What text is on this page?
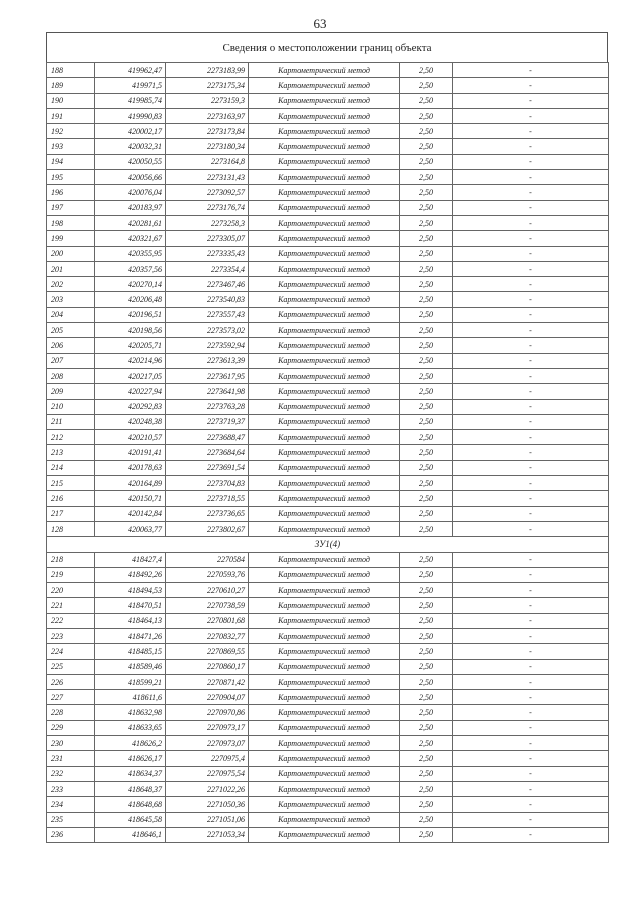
63
Сведения о местоположении границ объекта
188	419962,47	2273183,99	Картометрический метод	2,50	-
189	419971,5	2273175,34	Картометрический метод	2,50	-
190	419985,74	2273159,3	Картометрический метод	2,50	-
191	419990,83	2273163,97	Картометрический метод	2,50	-
192	420002,17	2273173,84	Картометрический метод	2,50	-
193	420032,31	2273180,34	Картометрический метод	2,50	-
194	420050,55	2273164,8	Картометрический метод	2,50	-
195	420056,66	2273131,43	Картометрический метод	2,50	-
196	420076,04	2273092,57	Картометрический метод	2,50	-
197	420183,97	2273176,74	Картометрический метод	2,50	-
198	420281,61	2273258,3	Картометрический метод	2,50	-
199	420321,67	2273305,07	Картометрический метод	2,50	-
200	420355,95	2273335,43	Картометрический метод	2,50	-
201	420357,56	2273354,4	Картометрический метод	2,50	-
202	420270,14	2273467,46	Картометрический метод	2,50	-
203	420206,48	2273540,83	Картометрический метод	2,50	-
204	420196,51	2273557,43	Картометрический метод	2,50	-
205	420198,56	2273573,02	Картометрический метод	2,50	-
206	420205,71	2273592,94	Картометрический метод	2,50	-
207	420214,96	2273613,39	Картометрический метод	2,50	-
208	420217,05	2273617,95	Картометрический метод	2,50	-
209	420227,94	2273641,98	Картометрический метод	2,50	-
210	420292,83	2273763,28	Картометрический метод	2,50	-
211	420248,38	2273719,37	Картометрический метод	2,50	-
212	420210,57	2273688,47	Картометрический метод	2,50	-
213	420191,41	2273684,64	Картометрический метод	2,50	-
214	420178,63	2273691,54	Картометрический метод	2,50	-
215	420164,89	2273704,83	Картометрический метод	2,50	-
216	420150,71	2273718,55	Картометрический метод	2,50	-
217	420142,84	2273736,65	Картометрический метод	2,50	-
128	420063,77	2273802,67	Картометрический метод	2,50	-
ЗУ1(4)					
218	418427,4	2270584	Картометрический метод	2,50	-
219	418492,26	2270593,76	Картометрический метод	2,50	-
220	418494,53	2270610,27	Картометрический метод	2,50	-
221	418470,51	2270738,59	Картометрический метод	2,50	-
222	418464,13	2270801,68	Картометрический метод	2,50	-
223	418471,26	2270832,77	Картометрический метод	2,50	-
224	418485,15	2270869,55	Картометрический метод	2,50	-
225	418589,46	2270860,17	Картометрический метод	2,50	-
226	418599,21	2270871,42	Картометрический метод	2,50	-
227	418611,6	2270904,07	Картометрический метод	2,50	-
228	418632,98	2270970,86	Картометрический метод	2,50	-
229	418633,65	2270973,17	Картометрический метод	2,50	-
230	418626,2	2270973,07	Картометрический метод	2,50	-
231	418626,17	2270975,4	Картометрический метод	2,50	-
232	418634,37	2270975,54	Картометрический метод	2,50	-
233	418648,37	2271022,26	Картометрический метод	2,50	-
234	418648,68	2271050,36	Картометрический метод	2,50	-
235	418645,58	2271051,06	Картометрический метод	2,50	-
236	418646,1	2271053,34	Картометрический метод	2,50	-
